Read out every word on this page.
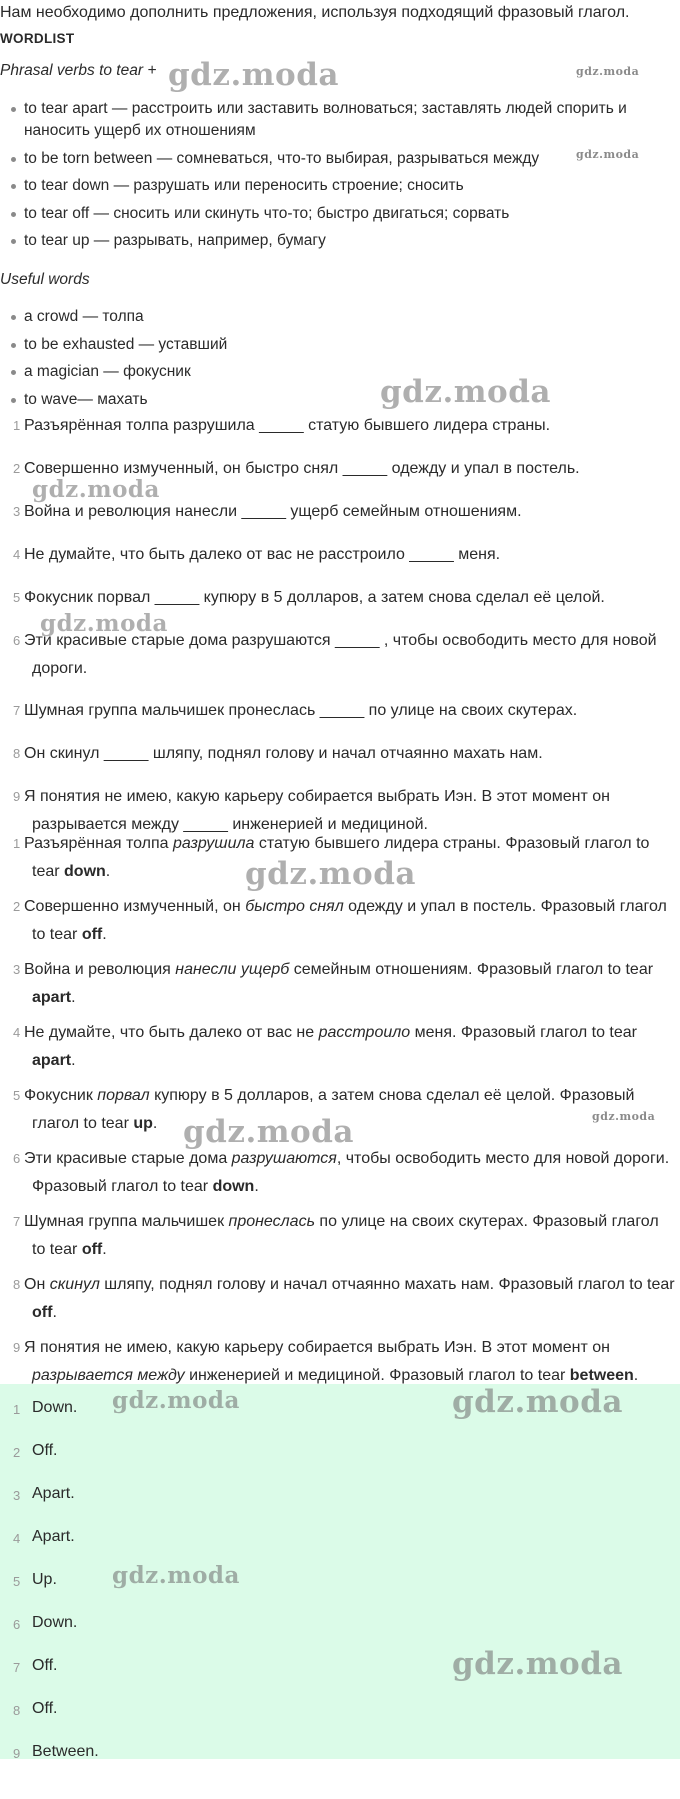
Нам необходимо дополнить предложения, используя подходящий фразовый глагол.
WORDLIST
Phrasal verbs to tear +
to tear apart — расстроить или заставить волноваться; заставлять людей спорить и наносить ущерб их отношениям
to be torn between — сомневаться, что-то выбирая, разрываться между
to tear down — разрушать или переносить строение; сносить
to tear off — сносить или скинуть что-то; быстро двигаться; сорвать
to tear up — разрывать, например, бумагу
Useful words
a crowd — толпа
to be exhausted — уставший
a magician — фокусник
to wave— махать
1 Разъярённая толпа разрушила _____ статую бывшего лидера страны.
2 Совершенно измученный, он быстро снял _____ одежду и упал в постель.
3 Война и революция нанесли _____ ущерб семейным отношениям.
4 Не думайте, что быть далеко от вас не расстроило _____ меня.
5 Фокусник порвал _____ купюру в 5 долларов, а затем снова сделал её целой.
6 Эти красивые старые дома разрушаются _____ , чтобы освободить место для новой дороги.
7 Шумная группа мальчишек пронеслась _____ по улице на своих скутерах.
8 Он скинул _____ шляпу, поднял голову и начал отчаянно махать нам.
9 Я понятия не имею, какую карьеру собирается выбрать Иэн. В этот момент он разрывается между _____ инженерией и медициной.
1 Разъярённая толпа разрушила статую бывшего лидера страны. Фразовый глагол to tear down.
2 Совершенно измученный, он быстро снял одежду и упал в постель. Фразовый глагол to tear off.
3 Война и революция нанесли ущерб семейным отношениям. Фразовый глагол to tear apart.
4 Не думайте, что быть далеко от вас не расстроило меня. Фразовый глагол to tear apart.
5 Фокусник порвал купюру в 5 долларов, а затем снова сделал её целой. Фразовый глагол to tear up.
6 Эти красивые старые дома разрушаются, чтобы освободить место для новой дороги. Фразовый глагол to tear down.
7 Шумная группа мальчишек пронеслась по улице на своих скутерах. Фразовый глагол to tear off.
8 Он скинул шляпу, поднял голову и начал отчаянно махать нам. Фразовый глагол to tear off.
9 Я понятия не имею, какую карьеру собирается выбрать Иэн. В этот момент он разрывается между инженерией и медициной. Фразовый глагол to tear between.
1 Down.
2 Off.
3 Apart.
4 Apart.
5 Up.
6 Down.
7 Off.
8 Off.
9 Between.
gdz.moda	gdz.moda
gdz.moda
gdz.moda
gdz.moda
gdz.moda
gdz.moda
gdz.moda
gdz.moda
gdz.moda	gdz.moda
gdz.moda
gdz.moda
